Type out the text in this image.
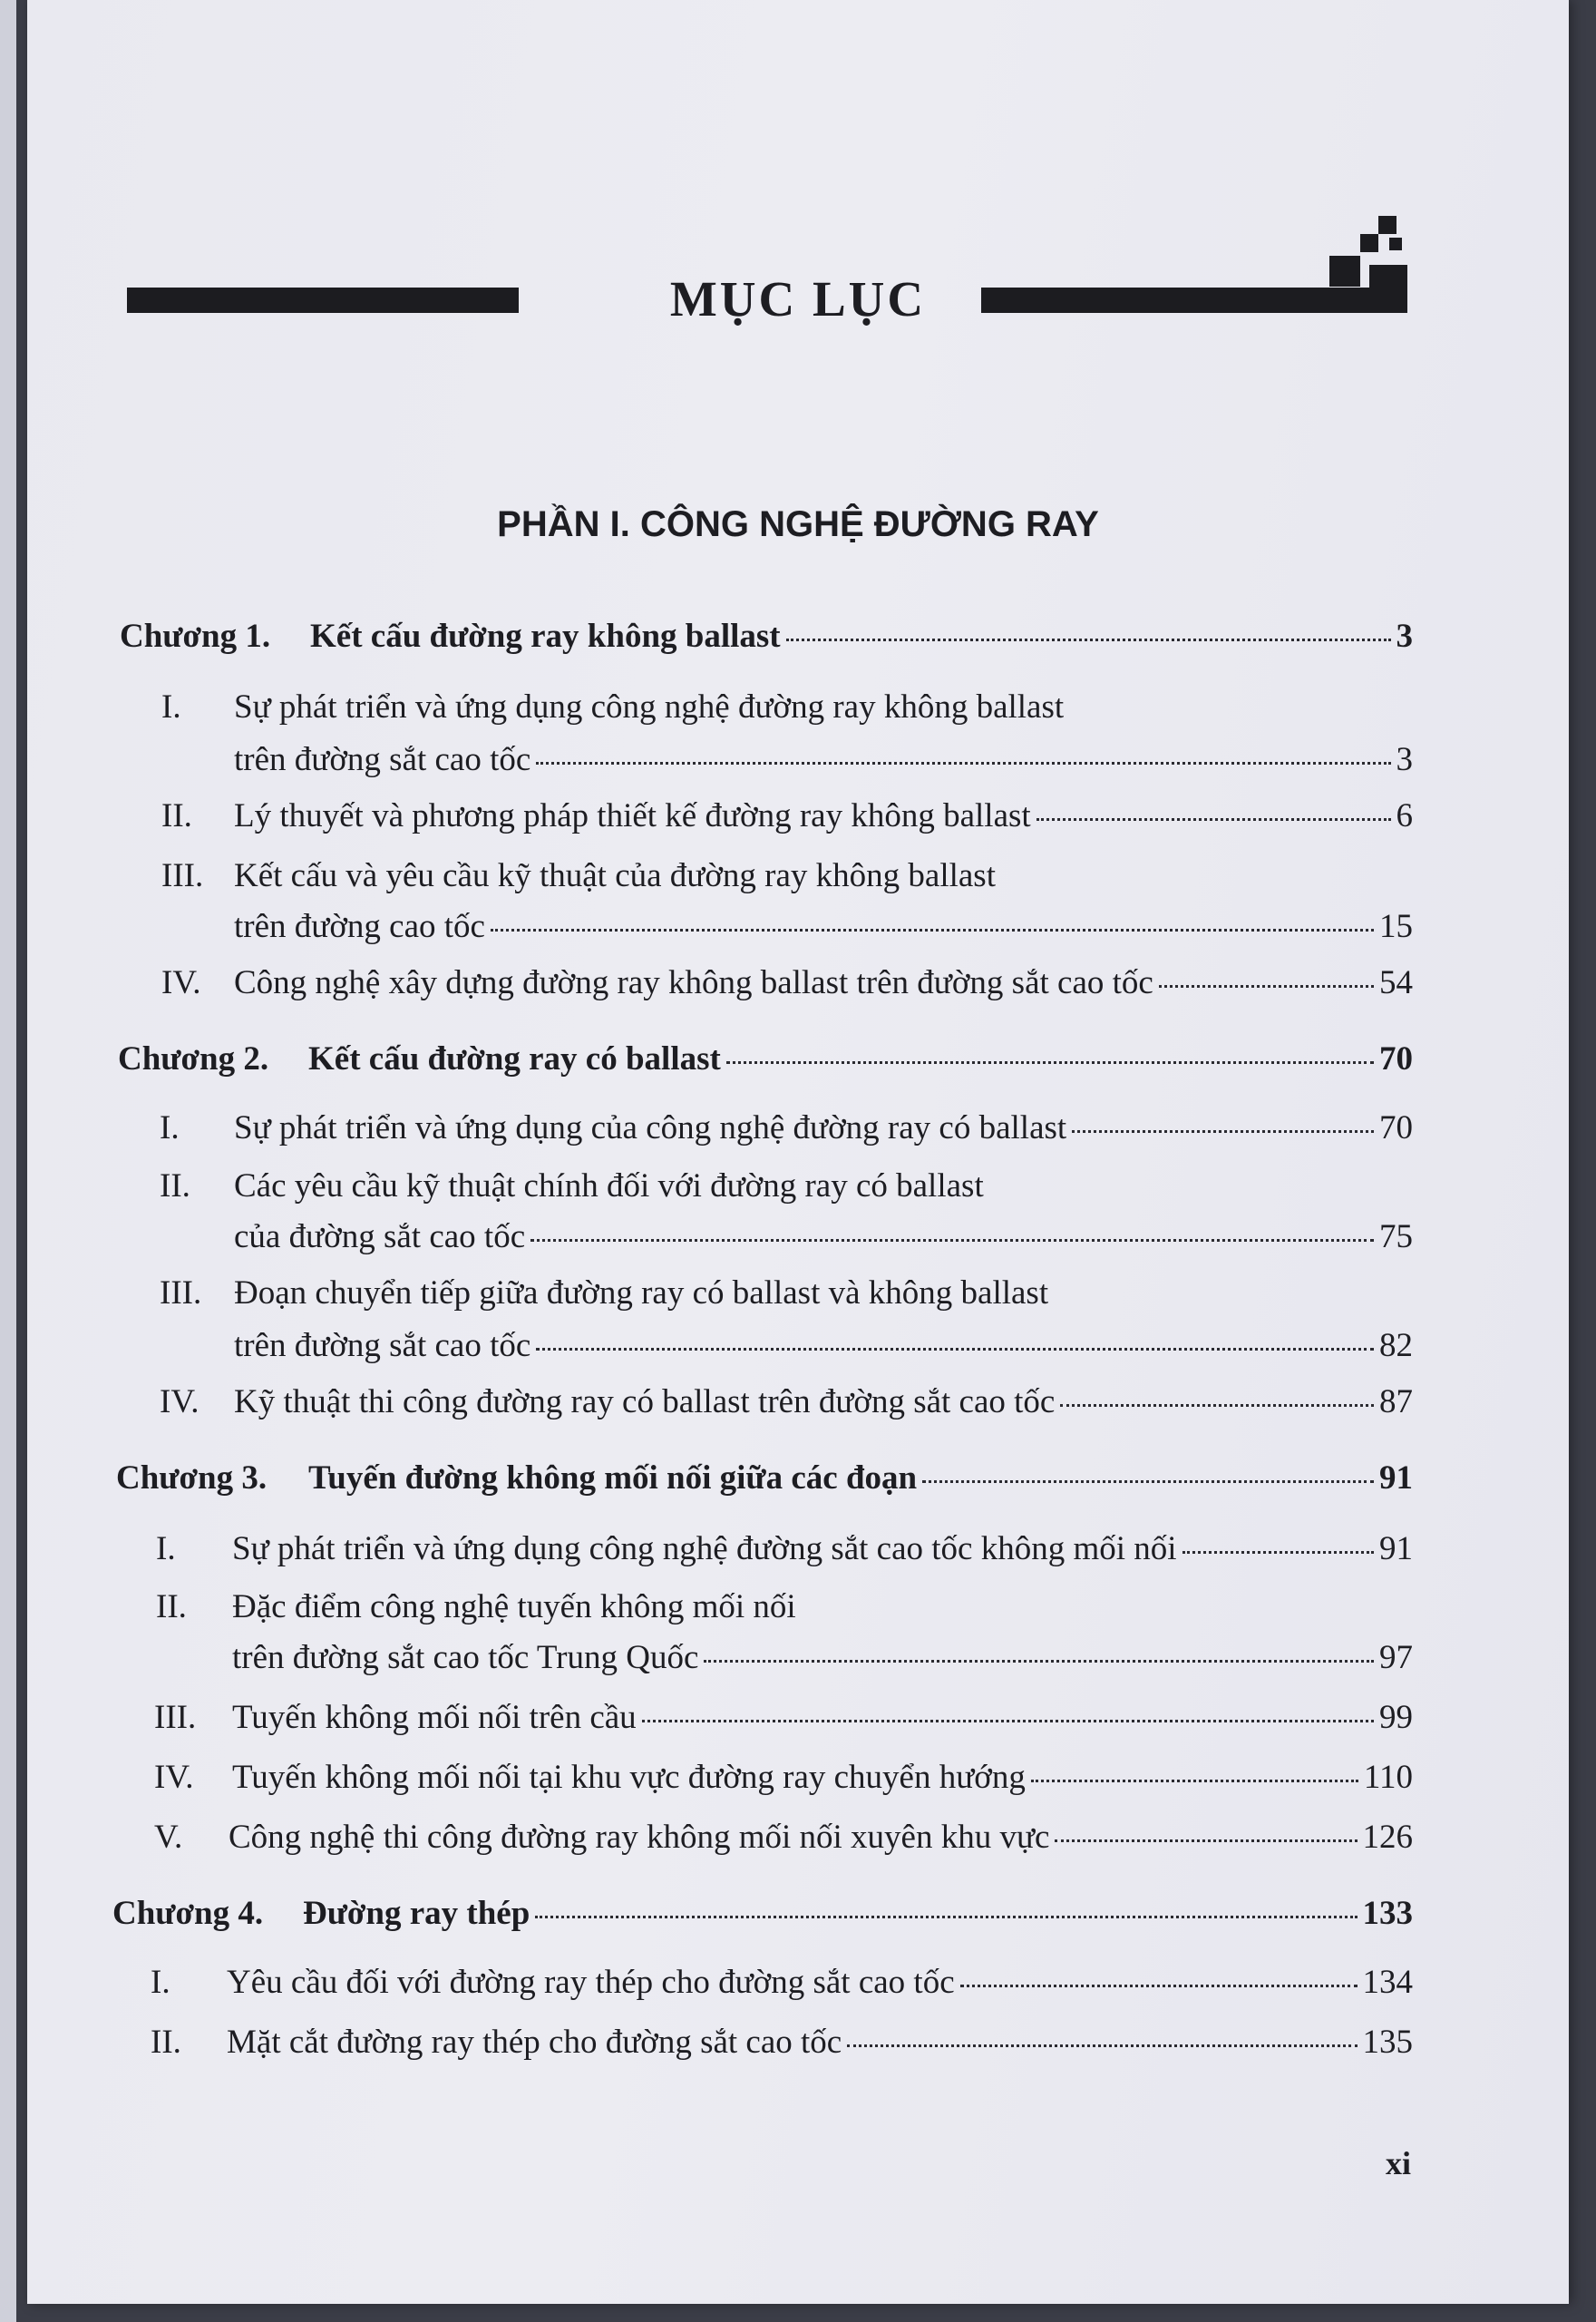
MỤC LỤC
PHẦN I. CÔNG NGHỆ ĐƯỜNG RAY
Chương 1.	Kết cấu đường ray không ballast	3
I.	Sự phát triển và ứng dụng công nghệ đường ray không ballast
trên đường sắt cao tốc	3
II.	Lý thuyết và phương pháp thiết kế đường ray không ballast	6
III. Kết cấu và yêu cầu kỹ thuật của đường ray không ballast
trên đường cao tốc	15
IV. Công nghệ xây dựng đường ray không ballast trên đường sắt cao tốc	54
Chương 2.	Kết cấu đường ray có ballast	70
I.	Sự phát triển và ứng dụng của công nghệ đường ray có ballast	70
II.	Các yêu cầu kỹ thuật chính đối với đường ray có ballast
của đường sắt cao tốc	75
III. Đoạn chuyển tiếp giữa đường ray có ballast và không ballast
trên đường sắt cao tốc	82
IV.	Kỹ thuật thi công đường ray có ballast trên đường sắt cao tốc	87
Chương 3.	Tuyến đường không mối nối giữa các đoạn	91
I.	Sự phát triển và ứng dụng công nghệ đường sắt cao tốc không mối nối	91
II.	Đặc điểm công nghệ tuyến không mối nối
trên đường sắt cao tốc Trung Quốc	97
III.	Tuyến không mối nối trên cầu	99
IV.	Tuyến không mối nối tại khu vực đường ray chuyển hướng	110
V.	Công nghệ thi công đường ray không mối nối xuyên khu vực	126
Chương 4.	Đường ray thép	133
I.	Yêu cầu đối với đường ray thép cho đường sắt cao tốc	134
II.	Mặt cắt đường ray thép cho đường sắt cao tốc	135
xi
